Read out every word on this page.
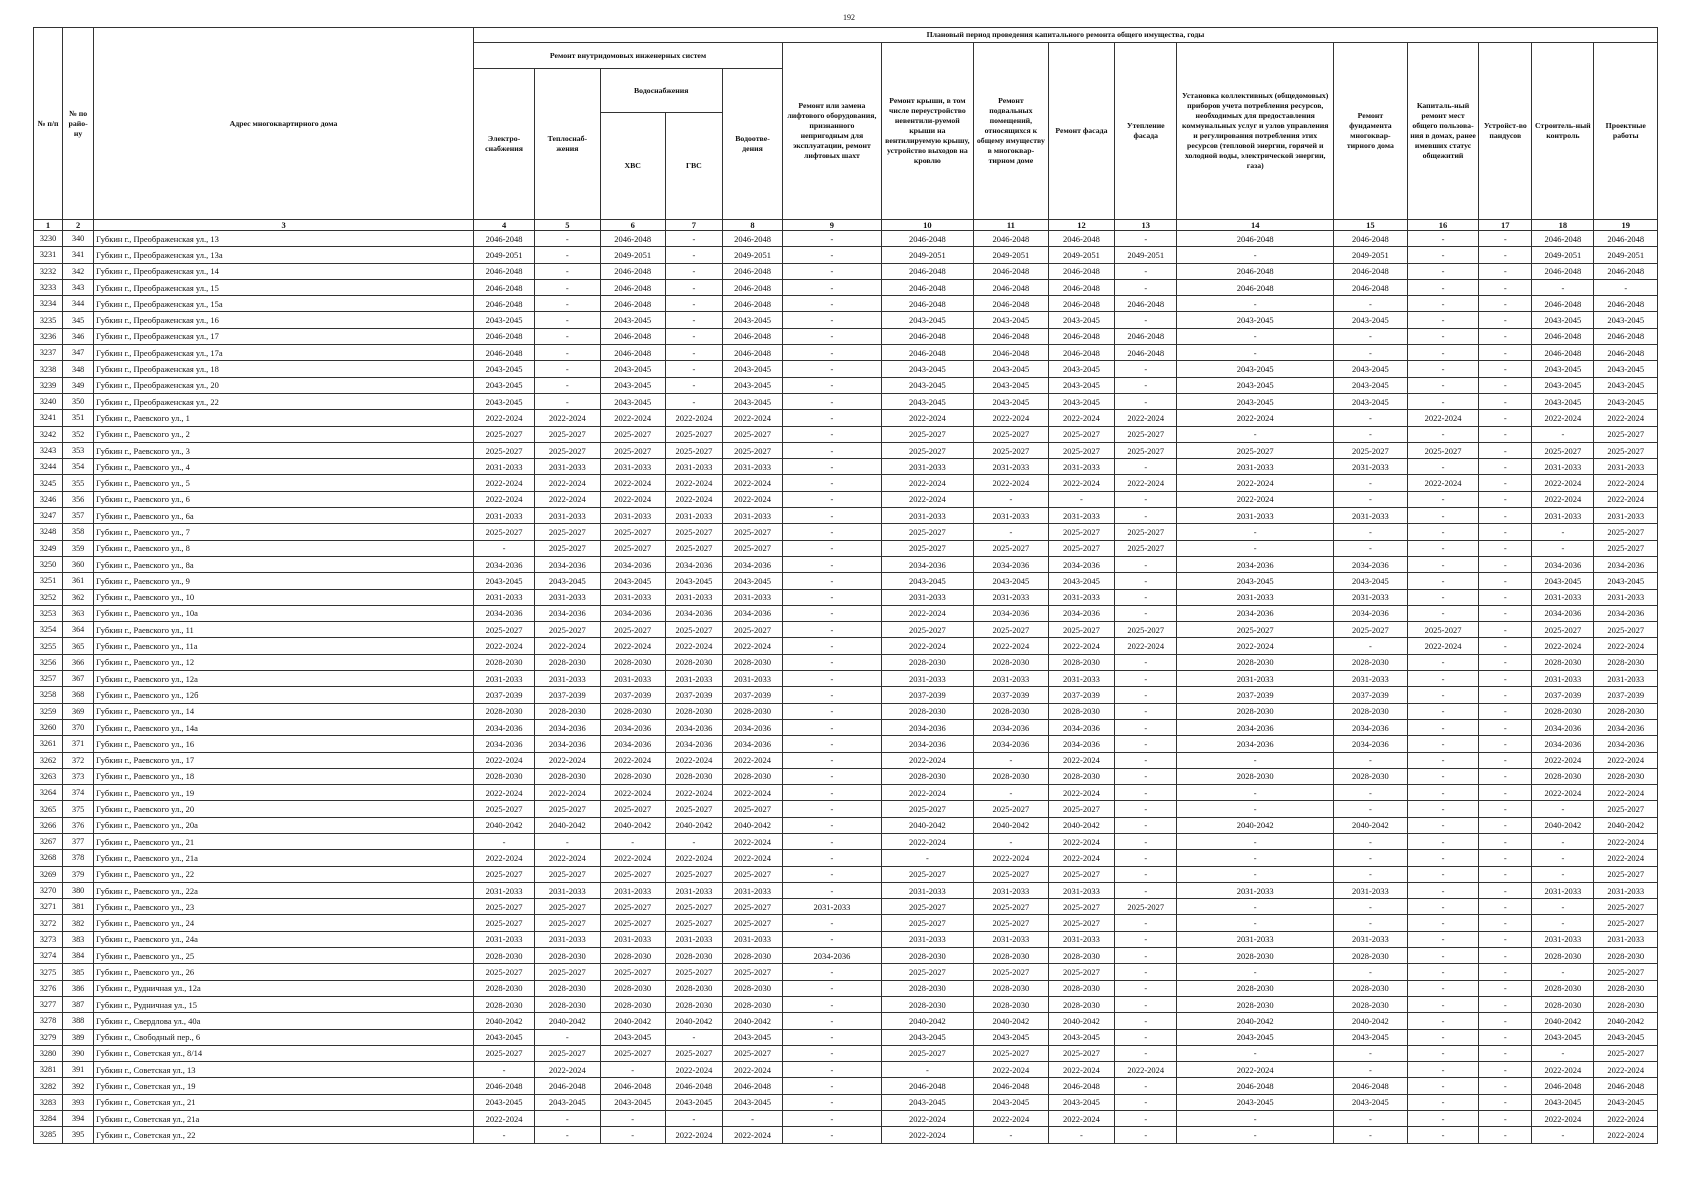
192
№ п/п	№ по райо-ну	Адрес многоквартирного дома	Плановый период проведения капитального ремонта общего имущества, годы															
			Ремонт внутридомовых инженерных систем					Ремонт или замена лифтового оборудования, признанного непригодным для эксплуатации, ремонт лифтовых шахт	Ремонт крыши, в том числе переустройство невентили-руемой крыши на вентилируемую крышу, устройство выходов на кровлю	Ремонт подвальных помещений, относящихся к общему имуществу в многоквар-тирном доме	Ремонт фасада	Утепление фасада	Установка коллективных (общедомовых) приборов учета потребления ресурсов, необходимых для предоставления коммунальных услуг и узлов управления и регулирования потребления этих ресурсов (тепловой энергии, горячей и холодной воды, электрической энергии, газа)	Ремонт фундамента многоквар-тирного дома	Капиталь-ный ремонт мест общего пользова-ния в домах, ранее имевших статус общежитий	Устройст-во пандусов	Строитель-ный контроль	Проектные работы
			Электро-снабжения	Теплоснаб-жения	Водоснабжения		Водоотве-дения											
					ХВС	ГВС												
1	2	3	4	5	6	7	8	9	10	11	12	13	14	15	16	17	18	19
3230	340	Губкин г., Преображенская ул., 13	2046-2048	-	2046-2048	-	2046-2048	-	2046-2048	2046-2048	2046-2048	-	2046-2048	2046-2048	-	-	2046-2048	2046-2048
3231	341	Губкин г., Преображенская ул., 13а	2049-2051	-	2049-2051	-	2049-2051	-	2049-2051	2049-2051	2049-2051	2049-2051	-	2049-2051	-	-	2049-2051	2049-2051
3232	342	Губкин г., Преображенская ул., 14	2046-2048	-	2046-2048	-	2046-2048	-	2046-2048	2046-2048	2046-2048	-	2046-2048	2046-2048	-	-	2046-2048	2046-2048
3233	343	Губкин г., Преображенская ул., 15	2046-2048	-	2046-2048	-	2046-2048	-	2046-2048	2046-2048	2046-2048	-	2046-2048	2046-2048	-	-	-	-
3234	344	Губкин г., Преображенская ул., 15а	2046-2048	-	2046-2048	-	2046-2048	-	2046-2048	2046-2048	2046-2048	2046-2048	-	-	-	-	2046-2048	2046-2048
3235	345	Губкин г., Преображенская ул., 16	2043-2045	-	2043-2045	-	2043-2045	-	2043-2045	2043-2045	2043-2045	-	2043-2045	2043-2045	-	-	2043-2045	2043-2045
3236	346	Губкин г., Преображенская ул., 17	2046-2048	-	2046-2048	-	2046-2048	-	2046-2048	2046-2048	2046-2048	2046-2048	-	-	-	-	2046-2048	2046-2048
3237	347	Губкин г., Преображенская ул., 17а	2046-2048	-	2046-2048	-	2046-2048	-	2046-2048	2046-2048	2046-2048	2046-2048	-	-	-	-	2046-2048	2046-2048
3238	348	Губкин г., Преображенская ул., 18	2043-2045	-	2043-2045	-	2043-2045	-	2043-2045	2043-2045	2043-2045	-	2043-2045	2043-2045	-	-	2043-2045	2043-2045
3239	349	Губкин г., Преображенская ул., 20	2043-2045	-	2043-2045	-	2043-2045	-	2043-2045	2043-2045	2043-2045	-	2043-2045	2043-2045	-	-	2043-2045	2043-2045
3240	350	Губкин г., Преображенская ул., 22	2043-2045	-	2043-2045	-	2043-2045	-	2043-2045	2043-2045	2043-2045	-	2043-2045	2043-2045	-	-	2043-2045	2043-2045
3241	351	Губкин г., Раевского ул., 1	2022-2024	2022-2024	2022-2024	2022-2024	2022-2024	-	2022-2024	2022-2024	2022-2024	2022-2024	2022-2024	-	2022-2024	-	2022-2024	2022-2024
3242	352	Губкин г., Раевского ул., 2	2025-2027	2025-2027	2025-2027	2025-2027	2025-2027	-	2025-2027	2025-2027	2025-2027	2025-2027	-	-	-	-	-	2025-2027
3243	353	Губкин г., Раевского ул., 3	2025-2027	2025-2027	2025-2027	2025-2027	2025-2027	-	2025-2027	2025-2027	2025-2027	2025-2027	2025-2027	2025-2027	2025-2027	-	2025-2027	2025-2027
3244	354	Губкин г., Раевского ул., 4	2031-2033	2031-2033	2031-2033	2031-2033	2031-2033	-	2031-2033	2031-2033	2031-2033	-	2031-2033	2031-2033	-	-	2031-2033	2031-2033
3245	355	Губкин г., Раевского ул., 5	2022-2024	2022-2024	2022-2024	2022-2024	2022-2024	-	2022-2024	2022-2024	2022-2024	2022-2024	2022-2024	-	2022-2024	-	2022-2024	2022-2024
3246	356	Губкин г., Раевского ул., 6	2022-2024	2022-2024	2022-2024	2022-2024	2022-2024	-	2022-2024	-	-	-	2022-2024	-	-	-	2022-2024	2022-2024
3247	357	Губкин г., Раевского ул., 6а	2031-2033	2031-2033	2031-2033	2031-2033	2031-2033	-	2031-2033	2031-2033	2031-2033	-	2031-2033	2031-2033	-	-	2031-2033	2031-2033
3248	358	Губкин г., Раевского ул., 7	2025-2027	2025-2027	2025-2027	2025-2027	2025-2027	-	2025-2027	-	2025-2027	2025-2027	-	-	-	-	-	2025-2027
3249	359	Губкин г., Раевского ул., 8	-	2025-2027	2025-2027	2025-2027	2025-2027	-	2025-2027	2025-2027	2025-2027	2025-2027	-	-	-	-	-	2025-2027
3250	360	Губкин г., Раевского ул., 8а	2034-2036	2034-2036	2034-2036	2034-2036	2034-2036	-	2034-2036	2034-2036	2034-2036	-	2034-2036	2034-2036	-	-	2034-2036	2034-2036
3251	361	Губкин г., Раевского ул., 9	2043-2045	2043-2045	2043-2045	2043-2045	2043-2045	-	2043-2045	2043-2045	2043-2045	-	2043-2045	2043-2045	-	-	2043-2045	2043-2045
3252	362	Губкин г., Раевского ул., 10	2031-2033	2031-2033	2031-2033	2031-2033	2031-2033	-	2031-2033	2031-2033	2031-2033	-	2031-2033	2031-2033	-	-	2031-2033	2031-2033
3253	363	Губкин г., Раевского ул., 10а	2034-2036	2034-2036	2034-2036	2034-2036	2034-2036	-	2022-2024	2034-2036	2034-2036	-	2034-2036	2034-2036	-	-	2034-2036	2034-2036
3254	364	Губкин г., Раевского ул., 11	2025-2027	2025-2027	2025-2027	2025-2027	2025-2027	-	2025-2027	2025-2027	2025-2027	2025-2027	2025-2027	2025-2027	2025-2027	-	2025-2027	2025-2027
3255	365	Губкин г., Раевского ул., 11а	2022-2024	2022-2024	2022-2024	2022-2024	2022-2024	-	2022-2024	2022-2024	2022-2024	2022-2024	2022-2024	-	2022-2024	-	2022-2024	2022-2024
3256	366	Губкин г., Раевского ул., 12	2028-2030	2028-2030	2028-2030	2028-2030	2028-2030	-	2028-2030	2028-2030	2028-2030	-	2028-2030	2028-2030	-	-	2028-2030	2028-2030
3257	367	Губкин г., Раевского ул., 12а	2031-2033	2031-2033	2031-2033	2031-2033	2031-2033	-	2031-2033	2031-2033	2031-2033	-	2031-2033	2031-2033	-	-	2031-2033	2031-2033
3258	368	Губкин г., Раевского ул., 12б	2037-2039	2037-2039	2037-2039	2037-2039	2037-2039	-	2037-2039	2037-2039	2037-2039	-	2037-2039	2037-2039	-	-	2037-2039	2037-2039
3259	369	Губкин г., Раевского ул., 14	2028-2030	2028-2030	2028-2030	2028-2030	2028-2030	-	2028-2030	2028-2030	2028-2030	-	2028-2030	2028-2030	-	-	2028-2030	2028-2030
3260	370	Губкин г., Раевского ул., 14а	2034-2036	2034-2036	2034-2036	2034-2036	2034-2036	-	2034-2036	2034-2036	2034-2036	-	2034-2036	2034-2036	-	-	2034-2036	2034-2036
3261	371	Губкин г., Раевского ул., 16	2034-2036	2034-2036	2034-2036	2034-2036	2034-2036	-	2034-2036	2034-2036	2034-2036	-	2034-2036	2034-2036	-	-	2034-2036	2034-2036
3262	372	Губкин г., Раевского ул., 17	2022-2024	2022-2024	2022-2024	2022-2024	2022-2024	-	2022-2024	-	2022-2024	-	-	-	-	-	2022-2024	2022-2024
3263	373	Губкин г., Раевского ул., 18	2028-2030	2028-2030	2028-2030	2028-2030	2028-2030	-	2028-2030	2028-2030	2028-2030	-	2028-2030	2028-2030	-	-	2028-2030	2028-2030
3264	374	Губкин г., Раевского ул., 19	2022-2024	2022-2024	2022-2024	2022-2024	2022-2024	-	2022-2024	-	2022-2024	-	-	-	-	-	2022-2024	2022-2024
3265	375	Губкин г., Раевского ул., 20	2025-2027	2025-2027	2025-2027	2025-2027	2025-2027	-	2025-2027	2025-2027	2025-2027	-	-	-	-	-	-	2025-2027
3266	376	Губкин г., Раевского ул., 20а	2040-2042	2040-2042	2040-2042	2040-2042	2040-2042	-	2040-2042	2040-2042	2040-2042	-	2040-2042	2040-2042	-	-	2040-2042	2040-2042
3267	377	Губкин г., Раевского ул., 21	-	-	-	-	2022-2024	-	2022-2024	-	2022-2024	-	-	-	-	-	-	2022-2024
3268	378	Губкин г., Раевского ул., 21а	2022-2024	2022-2024	2022-2024	2022-2024	2022-2024	-	-	2022-2024	2022-2024	-	-	-	-	-	-	2022-2024
3269	379	Губкин г., Раевского ул., 22	2025-2027	2025-2027	2025-2027	2025-2027	2025-2027	-	2025-2027	2025-2027	2025-2027	-	-	-	-	-	-	2025-2027
3270	380	Губкин г., Раевского ул., 22а	2031-2033	2031-2033	2031-2033	2031-2033	2031-2033	-	2031-2033	2031-2033	2031-2033	-	2031-2033	2031-2033	-	-	2031-2033	2031-2033
3271	381	Губкин г., Раевского ул., 23	2025-2027	2025-2027	2025-2027	2025-2027	2025-2027	2031-2033	2025-2027	2025-2027	2025-2027	2025-2027	-	-	-	-	-	2025-2027
3272	382	Губкин г., Раевского ул., 24	2025-2027	2025-2027	2025-2027	2025-2027	2025-2027	-	2025-2027	2025-2027	2025-2027	-	-	-	-	-	-	2025-2027
3273	383	Губкин г., Раевского ул., 24а	2031-2033	2031-2033	2031-2033	2031-2033	2031-2033	-	2031-2033	2031-2033	2031-2033	-	2031-2033	2031-2033	-	-	2031-2033	2031-2033
3274	384	Губкин г., Раевского ул., 25	2028-2030	2028-2030	2028-2030	2028-2030	2028-2030	2034-2036	2028-2030	2028-2030	2028-2030	-	2028-2030	2028-2030	-	-	2028-2030	2028-2030
3275	385	Губкин г., Раевского ул., 26	2025-2027	2025-2027	2025-2027	2025-2027	2025-2027	-	2025-2027	2025-2027	2025-2027	-	-	-	-	-	-	2025-2027
3276	386	Губкин г., Рудничная ул., 12а	2028-2030	2028-2030	2028-2030	2028-2030	2028-2030	-	2028-2030	2028-2030	2028-2030	-	2028-2030	2028-2030	-	-	2028-2030	2028-2030
3277	387	Губкин г., Рудничная ул., 15	2028-2030	2028-2030	2028-2030	2028-2030	2028-2030	-	2028-2030	2028-2030	2028-2030	-	2028-2030	2028-2030	-	-	2028-2030	2028-2030
3278	388	Губкин г., Свердлова ул., 40а	2040-2042	2040-2042	2040-2042	2040-2042	2040-2042	-	2040-2042	2040-2042	2040-2042	-	2040-2042	2040-2042	-	-	2040-2042	2040-2042
3279	389	Губкин г., Свободный пер., 6	2043-2045	-	2043-2045	-	2043-2045	-	2043-2045	2043-2045	2043-2045	-	2043-2045	2043-2045	-	-	2043-2045	2043-2045
3280	390	Губкин г., Советская ул., 8/14	2025-2027	2025-2027	2025-2027	2025-2027	2025-2027	-	2025-2027	2025-2027	2025-2027	-	-	-	-	-	-	2025-2027
3281	391	Губкин г., Советская ул., 13	-	2022-2024	-	2022-2024	2022-2024	-	-	2022-2024	2022-2024	2022-2024	2022-2024	-	-	-	2022-2024	2022-2024
3282	392	Губкин г., Советская ул., 19	2046-2048	2046-2048	2046-2048	2046-2048	2046-2048	-	2046-2048	2046-2048	2046-2048	-	2046-2048	2046-2048	-	-	2046-2048	2046-2048
3283	393	Губкин г., Советская ул., 21	2043-2045	2043-2045	2043-2045	2043-2045	2043-2045	-	2043-2045	2043-2045	2043-2045	-	2043-2045	2043-2045	-	-	2043-2045	2043-2045
3284	394	Губкин г., Советская ул., 21а	2022-2024	-	-	-	-	-	2022-2024	2022-2024	2022-2024	-	-	-	-	-	2022-2024	2022-2024
3285	395	Губкин г., Советская ул., 22	-	-	-	2022-2024	2022-2024	-	2022-2024	-	-	-	-	-	-	-	-	2022-2024
